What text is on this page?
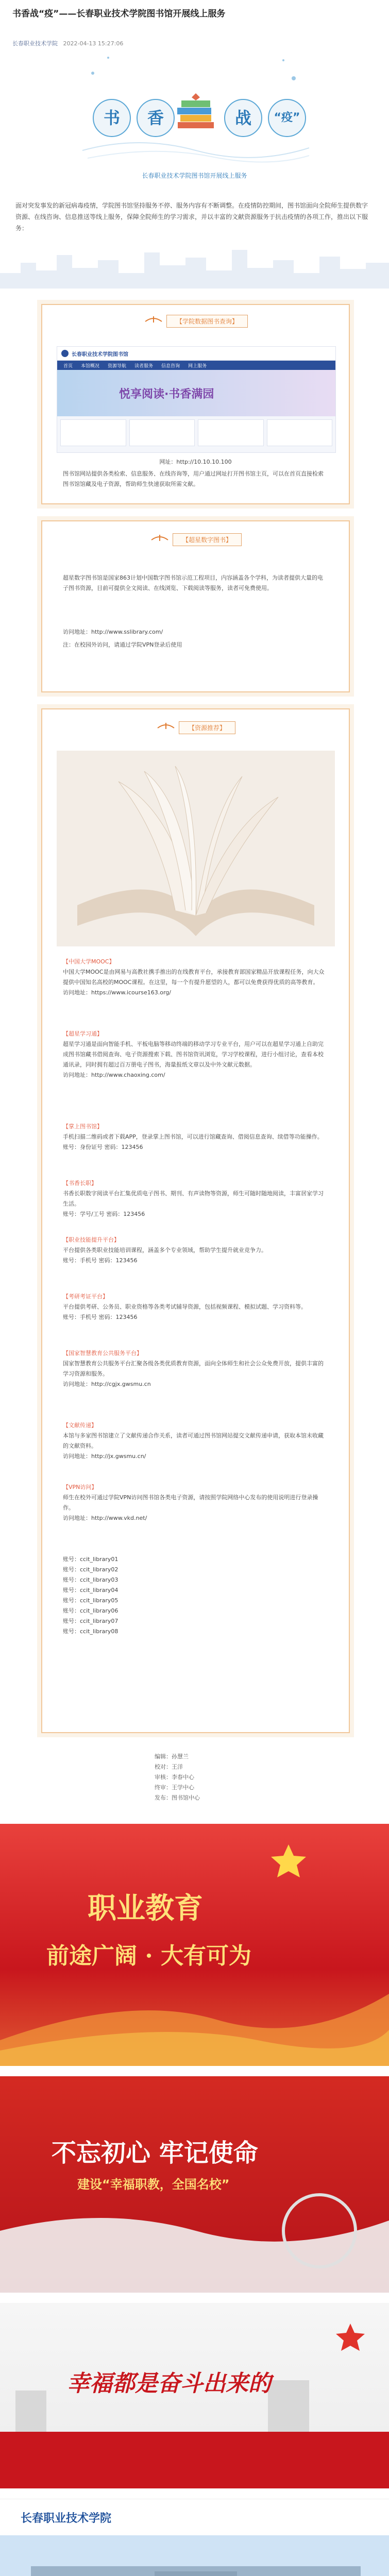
书香战“疫”——长春职业技术学院图书馆开展线上服务
长春职业技术学院 2022-04-13 15:27:06
书	香	战	“疫”
长春职业技术学院图书馆开展线上服务
面对突发事发的新冠病毒疫情，学院图书馆坚持服务不停、服务内容有不断调整。在疫情防控期间，图书馆面向全院师生提供数字资源、在线咨询、信息推送等线上服务，保障全院师生的学习需求，并以丰富的文献资源服务于抗击疫情的各项工作，推出以下服务：
【学院数据图书查询】
长春职业技术学院图书馆
首页 本馆概况 资源导航 读者服务 信息咨询 网上服务
悦享阅读·书香满园

网址：http://10.10.10.100

图书馆网站提供各类检索、信息服务、在线咨询等，用户通过网址打开图书馆主页，可以在首页直接检索图书馆馆藏及电子资源，帮助师生快速获取所需文献。

【超星数字图书】

超星数字图书馆是国家863计划中国数字图书馆示范工程项目，内容涵盖各个学科，为读者提供大量的电子图书资源，目前可提供全文阅读、在线浏览、下载阅读等服务，读者可免费使用。

访问地址：http://www.sslibrary.com/

注：在校园外访问，请通过学院VPN登录后使用

【资源推荐】

【中国大学MOOC】
中国大学MOOC是由网易与高教社携手推出的在线教育平台，承接教育部国家精品开放课程任务，向大众提供中国知名高校的MOOC课程。在这里，每一个有提升愿望的人，都可以免费获得优质的高等教育。
访问地址：https://www.icourse163.org/

【超星学习通】
超星学习通是面向智能手机、平板电脑等移动终端的移动学习专业平台，用户可以在超星学习通上自助完成图书馆藏书借阅查询、电子资源搜索下载、图书馆资讯浏览，学习学校课程，进行小组讨论，查看本校通讯录，同时拥有超过百万册电子图书，海量报纸文章以及中外文献元数据。
访问地址：http://www.chaoxing.com/

【掌上图书馆】
手机扫描二维码或者下载APP，登录掌上图书馆，可以进行馆藏查询、借阅信息查询、续借等功能操作。
账号：身份证号 密码：123456

【书香长职】
书香长职数字阅读平台汇集优质电子图书、期刊、有声读物等资源，师生可随时随地阅读，丰富居家学习生活。
账号：学号/工号 密码：123456

【职业技能提升平台】
平台提供各类职业技能培训课程，涵盖多个专业领域，帮助学生提升就业竞争力。
账号：手机号 密码：123456

【考研考证平台】
平台提供考研、公务员、职业资格等各类考试辅导资源，包括视频课程、模拟试题、学习资料等。
账号：手机号 密码：123456

【国家智慧教育公共服务平台】
国家智慧教育公共服务平台汇聚各级各类优质教育资源，面向全体师生和社会公众免费开放，提供丰富的学习资源和服务。
访问地址：http://cgjx.gwsmu.cn

【文献传递】
本馆与多家图书馆建立了文献传递合作关系，读者可通过图书馆网站提交文献传递申请，获取本馆未收藏的文献资料。
访问地址：http://jx.gwsmu.cn/

【VPN访问】
师生在校外可通过学院VPN访问图书馆各类电子资源，请按照学院网络中心发布的使用说明进行登录操作。
访问地址：http://www.vkd.net/

账号：ccit_library01
账号：ccit_library02
账号：ccit_library03
账号：ccit_library04
账号：ccit_library05
账号：ccit_library06
账号：ccit_library07
账号：ccit_library08

编辑：孙慧兰
校对：王洋
审核：李春中心
终审：王学中心
发布：图书馆中心
职业教育
前途广阔 · 大有可为
不忘初心 牢记使命
建设“幸福职教，全国名校”
幸福都是奋斗出来的
长春职业技术学院
